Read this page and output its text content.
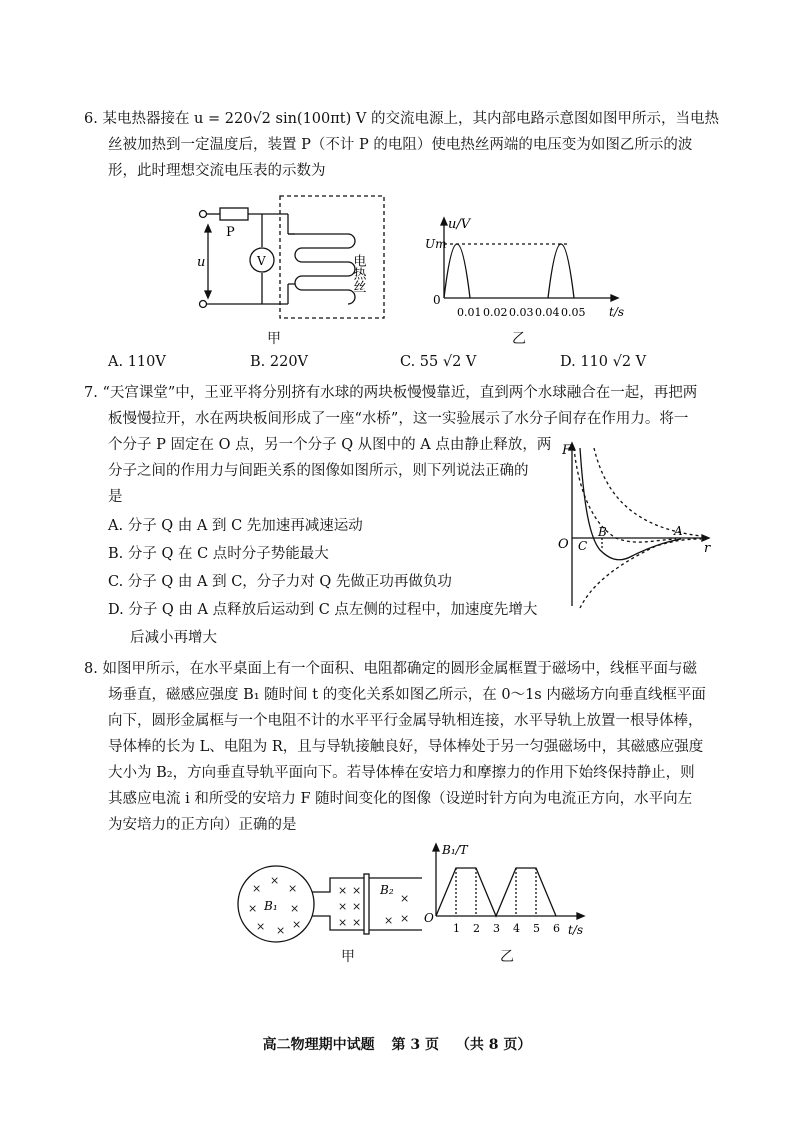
6. 某电热器接在 u = 220√2 sin(100πt) V 的交流电源上，其内部电路示意图如图甲所示，当电热

丝被加热到一定温度后，装置 P（不计 P 的电阻）使电热丝两端的电压变为如图乙所示的波

形，此时理想交流电压表的示数为

u
P
V	电热丝
甲
u/V
Um
0
t/s
0.01 0.02 0.03 0.04 0.05
乙
A. 110V	B. 220V	C. 55 √2 V	D. 110 √2 V

7. “天宫课堂”中，王亚平将分别挤有水球的两块板慢慢靠近，直到两个水球融合在一起，再把两

板慢慢拉开，水在两块板间形成了一座“水桥”，这一实验展示了水分子间存在作用力。将一

个分子 P 固定在 O 点，另一个分子 Q 从图中的 A 点由静止释放，两

分子之间的作用力与间距关系的图像如图所示，则下列说法正确的

是

A. 分子 Q 由 A 到 C 先加速再减速运动
B. 分子 Q 在 C 点时分子势能最大
C. 分子 Q 由 A 到 C，分子力对 Q 先做正功再做负功
D. 分子 Q 由 A 点释放后运动到 C 点左侧的过程中，加速度先增大
后减小再增大
F
O C
B	A
r

8. 如图甲所示，在水平桌面上有一个面积、电阻都确定的圆形金属框置于磁场中，线框平面与磁

场垂直，磁感应强度 B₁ 随时间 t 的变化关系如图乙所示，在 0～1s 内磁场方向垂直线框平面

向下，圆形金属框与一个电阻不计的水平平行金属导轨相连接，水平导轨上放置一根导体棒，

导体棒的长为 L、电阻为 R，且与导轨接触良好，导体棒处于另一匀强磁场中，其磁感应强度

大小为 B₂，方向垂直导轨平面向下。若导体棒在安培力和摩擦力的作用下始终保持静止，则

其感应电流 i 和所受的安培力 F 随时间变化的图像（设逆时针方向为电流正方向，水平向左

为安培力的正方向）正确的是

×
×
×
×	×
× × ×
× ×
× ×
× ×
×
×
×
B₁
B₂
甲
B₁/T
O
t/s
1 2 3 4 5 6
乙
高二物理期中试题 第 3 页 （共 8 页）
